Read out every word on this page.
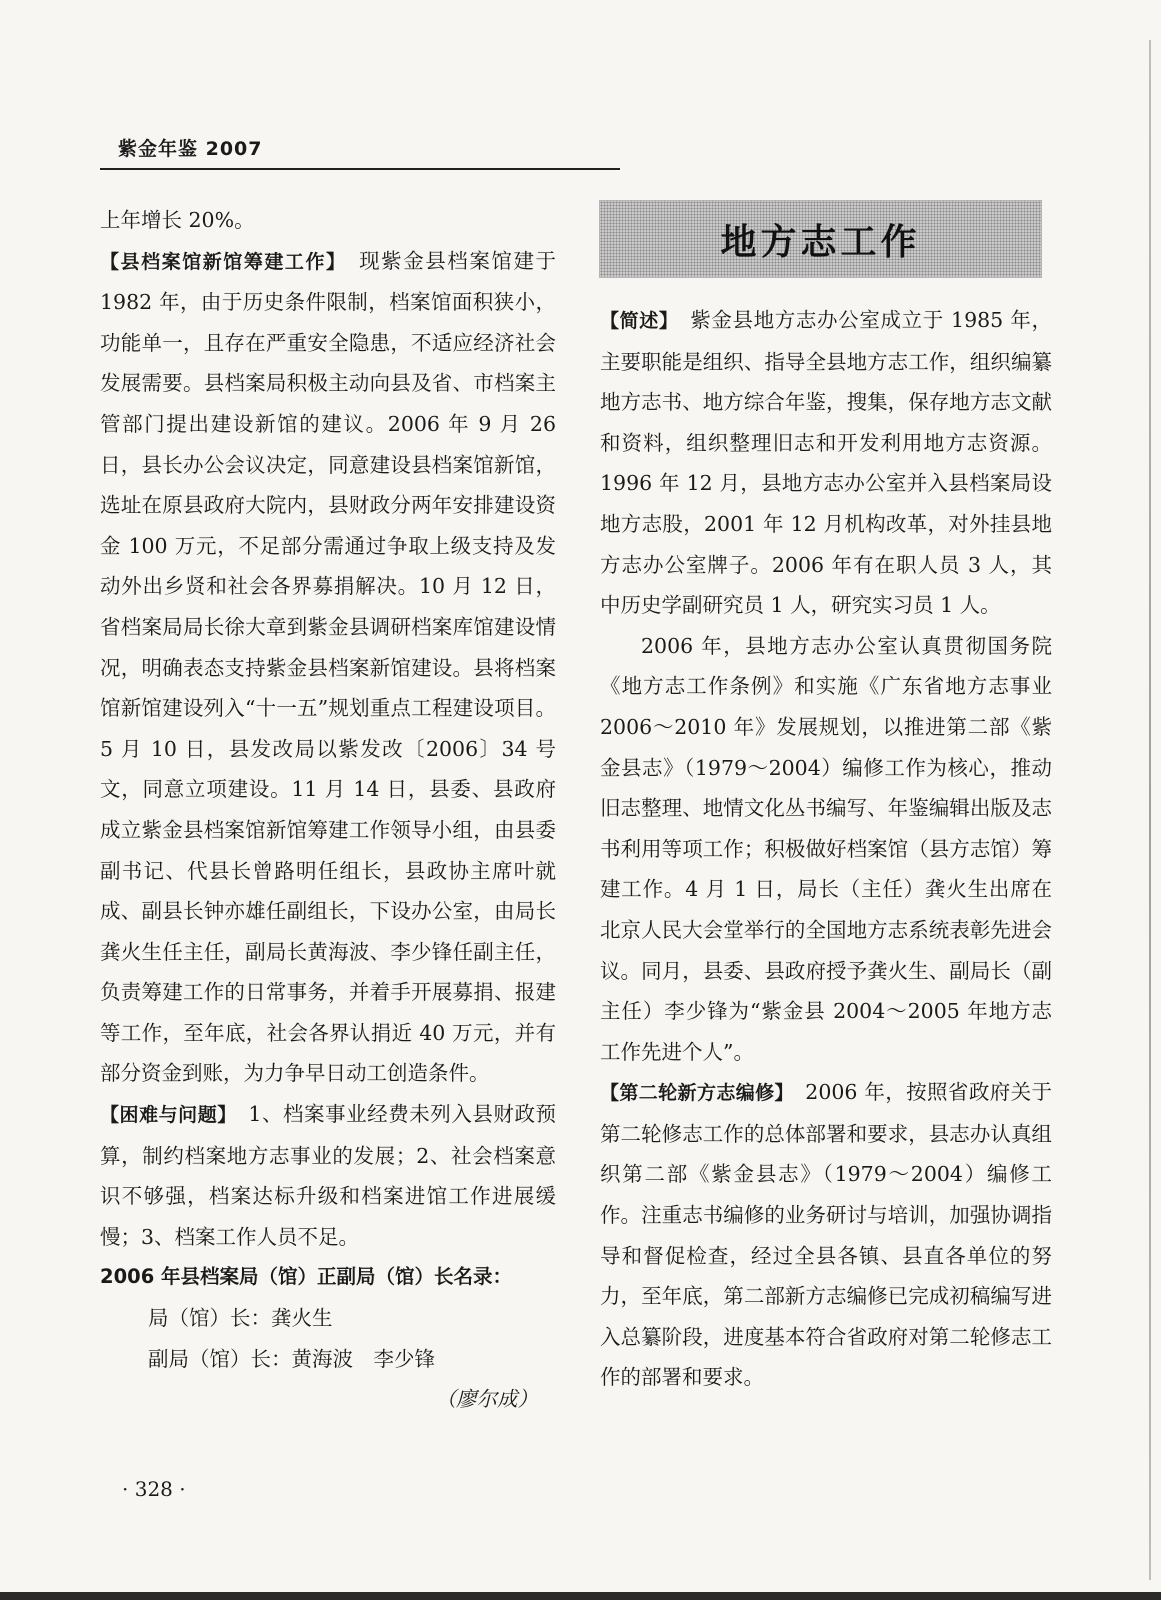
紫金年鉴 2007

上年增长 20%。

【县档案馆新馆筹建工作】　 现紫金县档案馆建于 1982 年，由于历史条件限制，档案馆面积狭小，功能单一，且存在严重安全隐患，不适应经济社会发展需要。县档案局积极主动向县及省、市档案主管部门提出建设新馆的建议。2006 年 9 月 26 日，县长办公会议决定，同意建设县档案馆新馆，选址在原县政府大院内，县财政分两年安排建设资金 100 万元，不足部分需通过争取上级支持及发动外出乡贤和社会各界募捐解决。10 月 12 日，省档案局局长徐大章到紫金县调研档案库馆建设情况，明确表态支持紫金县档案新馆建设。县将档案馆新馆建设列入“十一五”规划重点工程建设项目。5 月 10 日，县发改局以紫发改〔2006〕34 号文，同意立项建设。11 月 14 日，县委、县政府成立紫金县档案馆新馆筹建工作领导小组，由县委副书记、代县长曾路明任组长，县政协主席叶就成、副县长钟亦雄任副组长，下设办公室，由局长龚火生任主任，副局长黄海波、李少锋任副主任，负责筹建工作的日常事务，并着手开展募捐、报建等工作，至年底，社会各界认捐近 40 万元，并有部分资金到账，为力争早日动工创造条件。

【困难与问题】　 1、档案事业经费未列入县财政预算，制约档案地方志事业的发展；2、社会档案意识不够强，档案达标升级和档案进馆工作进展缓慢；3、档案工作人员不足。

2006 年县档案局（馆）正副局（馆）长名录：

局（馆）长：龚火生

副局（馆）长：黄海波　李少锋

（廖尔成）

地方志工作

【简述】　 紫金县地方志办公室成立于 1985 年，主要职能是组织、指导全县地方志工作，组织编纂地方志书、地方综合年鉴，搜集，保存地方志文献和资料，组织整理旧志和开发利用地方志资源。1996 年 12 月，县地方志办公室并入县档案局设地方志股，2001 年 12 月机构改革，对外挂县地方志办公室牌子。2006 年有在职人员 3 人，其中历史学副研究员 1 人，研究实习员 1 人。

2006 年，县地方志办公室认真贯彻国务院《地方志工作条例》和实施《广东省地方志事业 2006～2010 年》发展规划，以推进第二部《紫金县志》（1979～2004）编修工作为核心，推动旧志整理、地情文化丛书编写、年鉴编辑出版及志书利用等项工作；积极做好档案馆（县方志馆）筹建工作。4 月 1 日，局长（主任）龚火生出席在北京人民大会堂举行的全国地方志系统表彰先进会议。同月，县委、县政府授予龚火生、副局长（副主任）李少锋为“紫金县 2004～2005 年地方志工作先进个人”。

【第二轮新方志编修】　 2006 年，按照省政府关于第二轮修志工作的总体部署和要求，县志办认真组织第二部《紫金县志》（1979～2004）编修工作。注重志书编修的业务研讨与培训，加强协调指导和督促检查，经过全县各镇、县直各单位的努力，至年底，第二部新方志编修已完成初稿编写进入总纂阶段，进度基本符合省政府对第二轮修志工作的部署和要求。

· 328 ·
